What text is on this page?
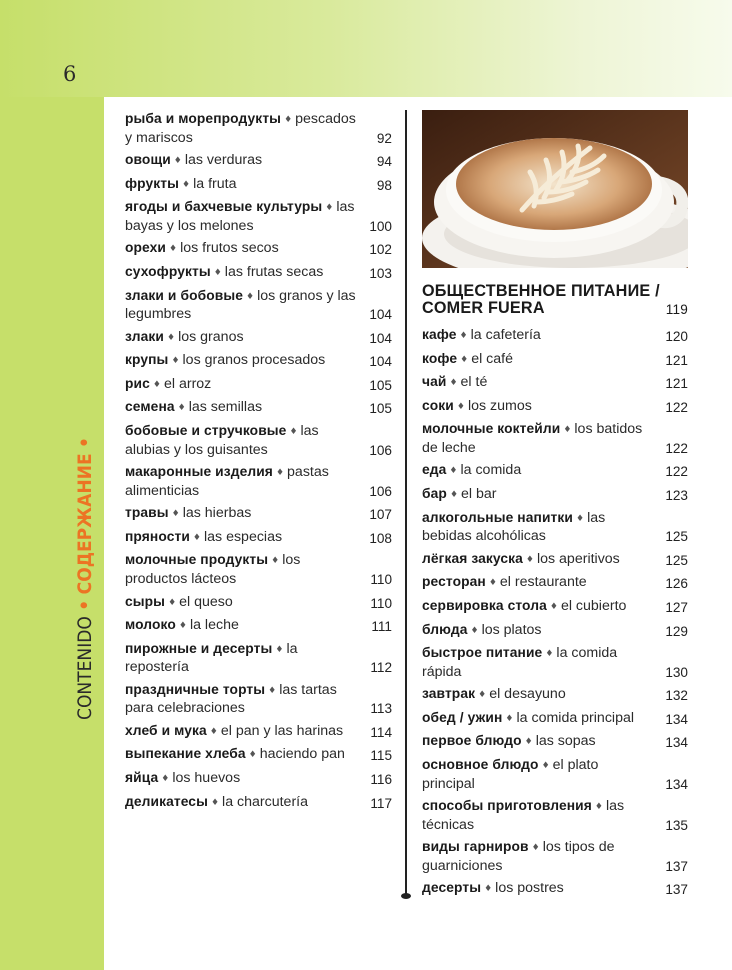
6
CONTENIDO • СОДЕРЖАНИЕ •
рыба и морепродукты ♦ pescados y mariscos	92
овощи ♦ las verduras	94
фрукты ♦ la fruta	98
ягоды и бахчевые культуры ♦ las bayas y los melones	100
орехи ♦ los frutos secos	102
сухофрукты ♦ las frutas secas	103
злаки и бобовые ♦ los granos y las legumbres	104
злаки ♦ los granos	104
крупы ♦ los granos procesados	104
рис ♦ el arroz	105
семена ♦ las semillas	105
бобовые и стручковые ♦ las alubias y los guisantes	106
макаронные изделия ♦ pastas alimenticias	106
травы ♦ las hierbas	107
пряности ♦ las especias	108
молочные продукты ♦ los productos lácteos	110
сыры ♦ el queso	110
молоко ♦ la leche	111
пирожные и десерты ♦ la repostería	112
праздничные торты ♦ las tartas para celebraciones	113
хлеб и мука ♦ el pan y las harinas 114
выпекание хлеба ♦ haciendo pan 115
яйца ♦ los huevos	116
деликатесы ♦ la charcutería	117
ОБЩЕСТВЕННОЕ ПИТАНИЕ / COMER FUERA	119
кафе ♦ la cafetería	120
кофе ♦ el café	121
чай ♦ el té	121
соки ♦ los zumos	122
молочные коктейли ♦ los batidos de leche	122
еда ♦ la comida	122
бар ♦ el bar	123
алкогольные напитки ♦ las bebidas alcohólicas	125
лёгкая закуска ♦ los aperitivos	125
ресторан ♦ el restaurante	126
сервировка стола ♦ el cubierto	127
блюда ♦ los platos	129
быстрое питание ♦ la comida rápida	130
завтрак ♦ el desayuno	132
обед / ужин ♦ la comida principal 134
первое блюдо ♦ las sopas	134
основное блюдо ♦ el plato principal	134
способы приготовления ♦ las técnicas	135
виды гарниров ♦ los tipos de guarniciones	137
десерты ♦ los postres	137
